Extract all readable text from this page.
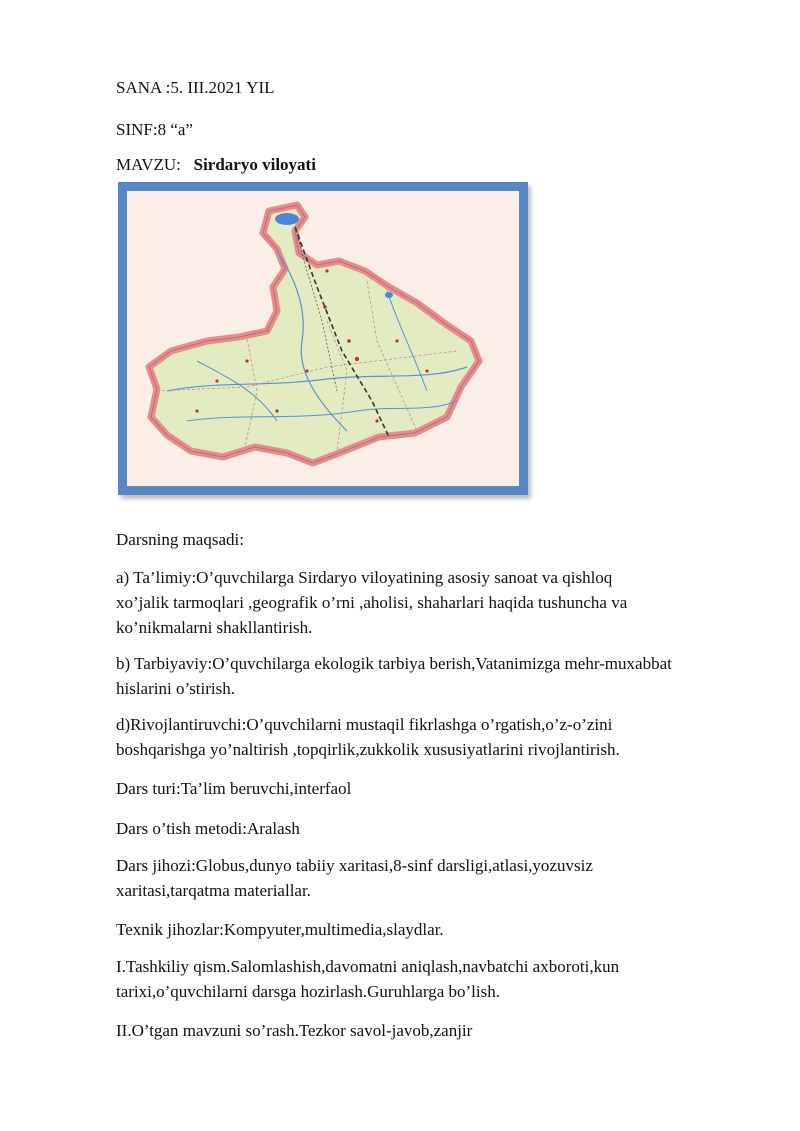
SANA :5. III.2021 YIL
SINF:8 “a”
MAVZU: Sirdaryo viloyati
Darsning maqsadi:
a) Ta’limiy:O’quvchilarga Sirdaryo viloyatining asosiy sanoat va qishloq
xo’jalik tarmoqlari ,geografik o’rni ,aholisi, shaharlari haqida tushuncha va
ko’nikmalarni shakllantirish.
b) Tarbiyaviy:O’quvchilarga ekologik tarbiya berish,Vatanimizga mehr-muxabbat
hislarini o’stirish.
d)Rivojlantiruvchi:O’quvchilarni mustaqil fikrlashga o’rgatish,o’z-o’zini
boshqarishga yo’naltirish ,topqirlik,zukkolik xususiyatlarini rivojlantirish.
Dars turi:Ta’lim beruvchi,interfaol
Dars o’tish metodi:Aralash
Dars jihozi:Globus,dunyo tabiiy xaritasi,8-sinf darsligi,atlasi,yozuvsiz
xaritasi,tarqatma materiallar.
Texnik jihozlar:Kompyuter,multimedia,slaydlar.
I.Tashkiliy qism.Salomlashish,davomatni aniqlash,navbatchi axboroti,kun
tarixi,o’quvchilarni darsga hozirlash.Guruhlarga bo’lish.
II.O’tgan mavzuni so’rash.Tezkor savol-javob,zanjir
